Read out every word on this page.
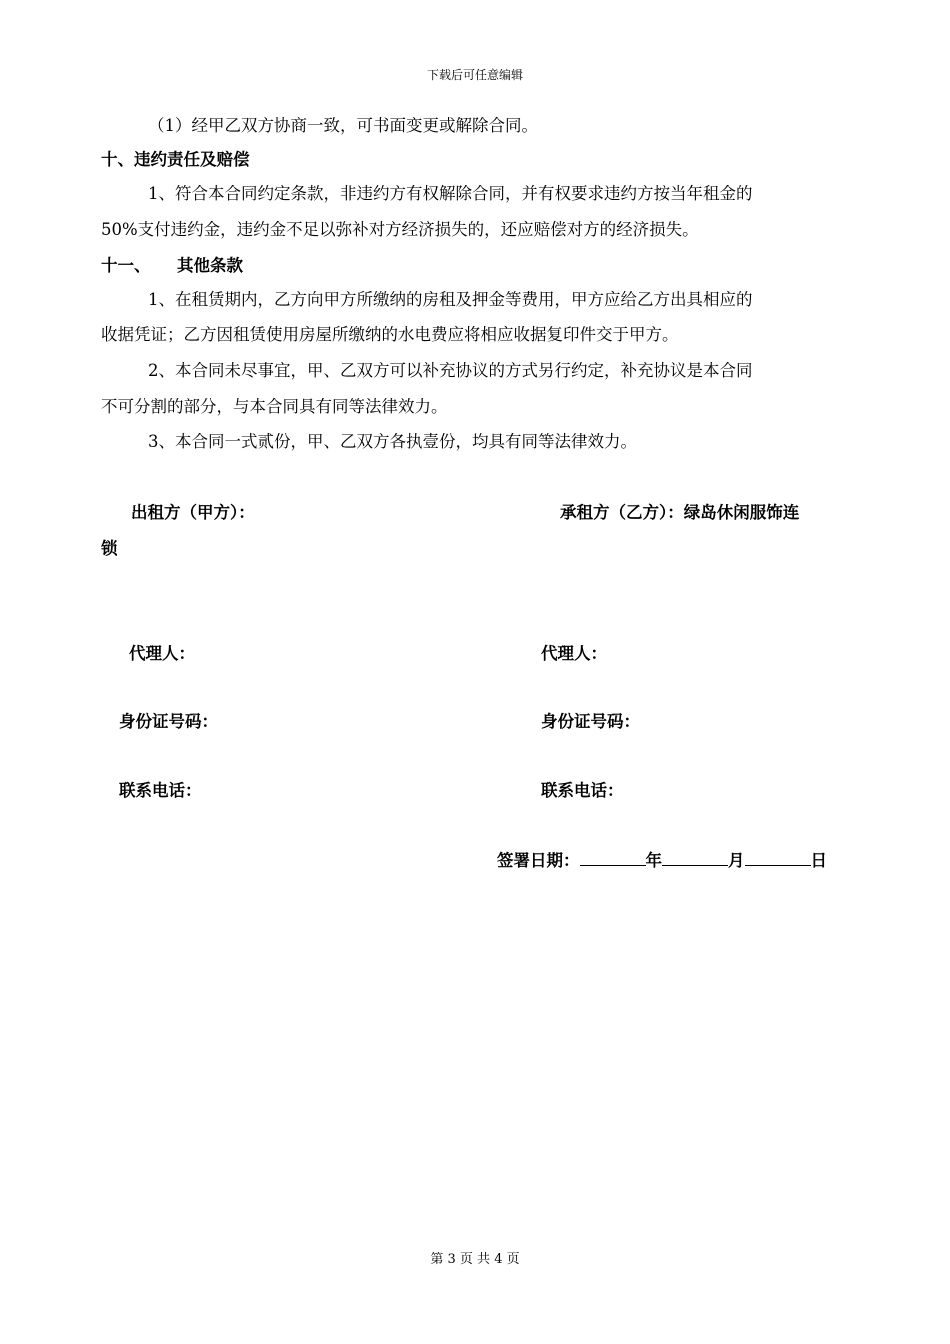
下载后可任意编辑
（1）经甲乙双方协商一致，可书面变更或解除合同。
十、违约责任及赔偿
1、符合本合同约定条款，非违约方有权解除合同，并有权要求违约方按当年租金的
50%支付违约金，违约金不足以弥补对方经济损失的，还应赔偿对方的经济损失。
十一、 其他条款
1、在租赁期内，乙方向甲方所缴纳的房租及押金等费用，甲方应给乙方出具相应的
收据凭证；乙方因租赁使用房屋所缴纳的水电费应将相应收据复印件交于甲方。
2、本合同未尽事宜，甲、乙双方可以补充协议的方式另行约定，补充协议是本合同
不可分割的部分，与本合同具有同等法律效力。
3、本合同一式贰份，甲、乙双方各执壹份，均具有同等法律效力。
出租方（甲方）：	承租方（乙方）：绿岛休闲服饰连
锁
代理人：	代理人：
身份证号码：	身份证号码：
联系电话：	联系电话：
签署日期：	年	月	日
第 3 页 共 4 页
